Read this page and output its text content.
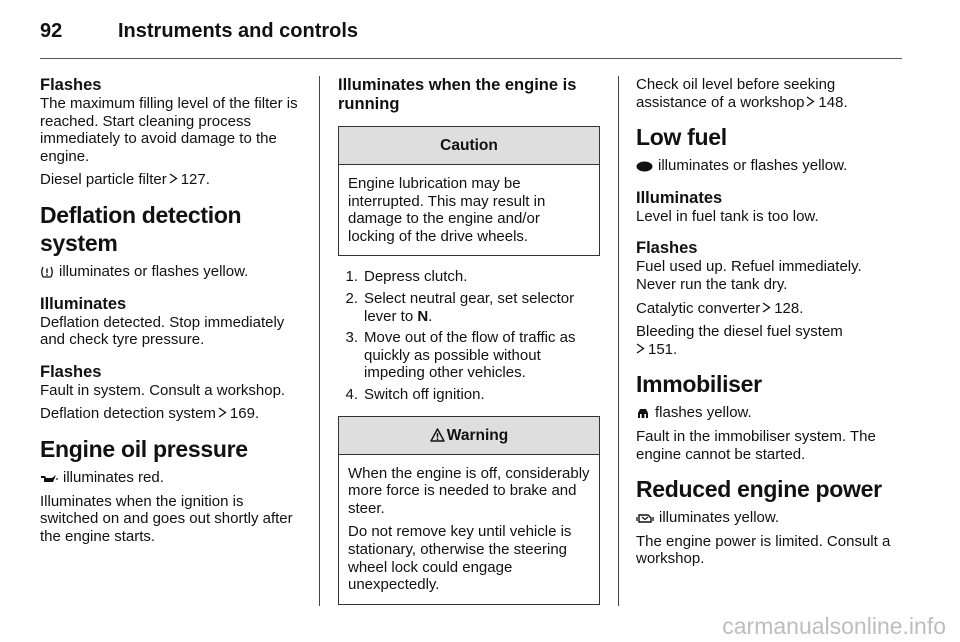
92	Instruments and controls
Flashes

The maximum filling level of the filter is reached. Start cleaning process immediately to avoid damage to the engine.

Diesel particle filter 127.

Deflation detection system

illuminates or flashes yellow.

Illuminates

Deflation detected. Stop immediately and check tyre pressure.

Flashes

Fault in system. Consult a workshop.

Deflation detection system 169.

Engine oil pressure

illuminates red.

Illuminates when the ignition is switched on and goes out shortly after the engine starts.

Illuminates when the engine is running
Caution

Engine lubrication may be interrupted. This may result in damage to the engine and/or locking of the drive wheels.

1. Depress clutch.
2. Select neutral gear, set selector lever to N.
3. Move out of the flow of traffic as quickly as possible without impeding other vehicles.
4. Switch off ignition.
Warning

When the engine is off, considerably more force is needed to brake and steer.

Do not remove key until vehicle is stationary, otherwise the steering wheel lock could engage unexpectedly.

Check oil level before seeking assistance of a workshop 148.

Low fuel

illuminates or flashes yellow.

Illuminates

Level in fuel tank is too low.

Flashes

Fuel used up. Refuel immediately. Never run the tank dry.

Catalytic converter 128.

Bleeding the diesel fuel system
151.

Immobiliser

flashes yellow.

Fault in the immobiliser system. The engine cannot be started.

Reduced engine power

illuminates yellow.

The engine power is limited. Consult a workshop.

carmanualsonline.info
